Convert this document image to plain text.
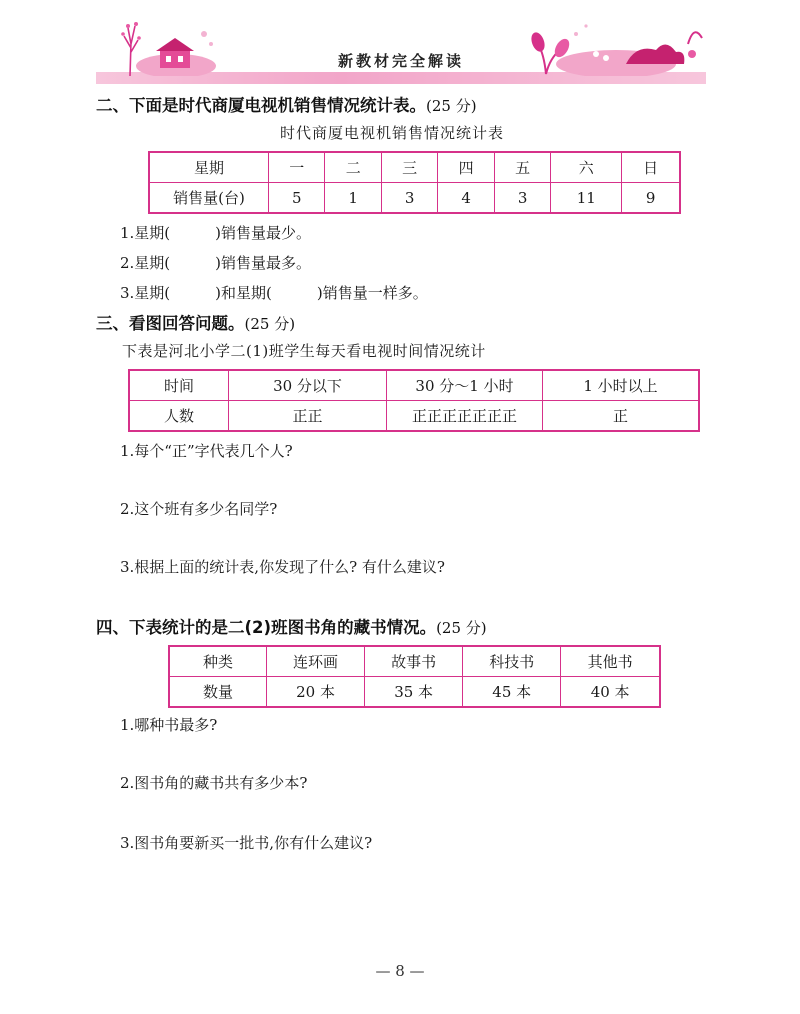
新教材完全解读
二、下面是时代商厦电视机销售情况统计表。(25 分)
时代商厦电视机销售情况统计表
星期	一	二	三	四	五	六	日
销售量(台)	5	1	3	4	3	11	9
1.星期(　　　)销售量最少。
2.星期(　　　)销售量最多。
3.星期(　　　)和星期(　　　)销售量一样多。
三、看图回答问题。(25 分)
下表是河北小学二(1)班学生每天看电视时间情况统计
时间	30 分以下	30 分～1 小时	1 小时以上
人数	正正	正正正正正正正	正
1.每个“正”字代表几个人?
2.这个班有多少名同学?
3.根据上面的统计表,你发现了什么? 有什么建议?
四、下表统计的是二(2)班图书角的藏书情况。(25 分)
种类	连环画	故事书	科技书	其他书
数量	20 本	35 本	45 本	40 本
1.哪种书最多?
2.图书角的藏书共有多少本?
3.图书角要新买一批书,你有什么建议?
— 8 —
